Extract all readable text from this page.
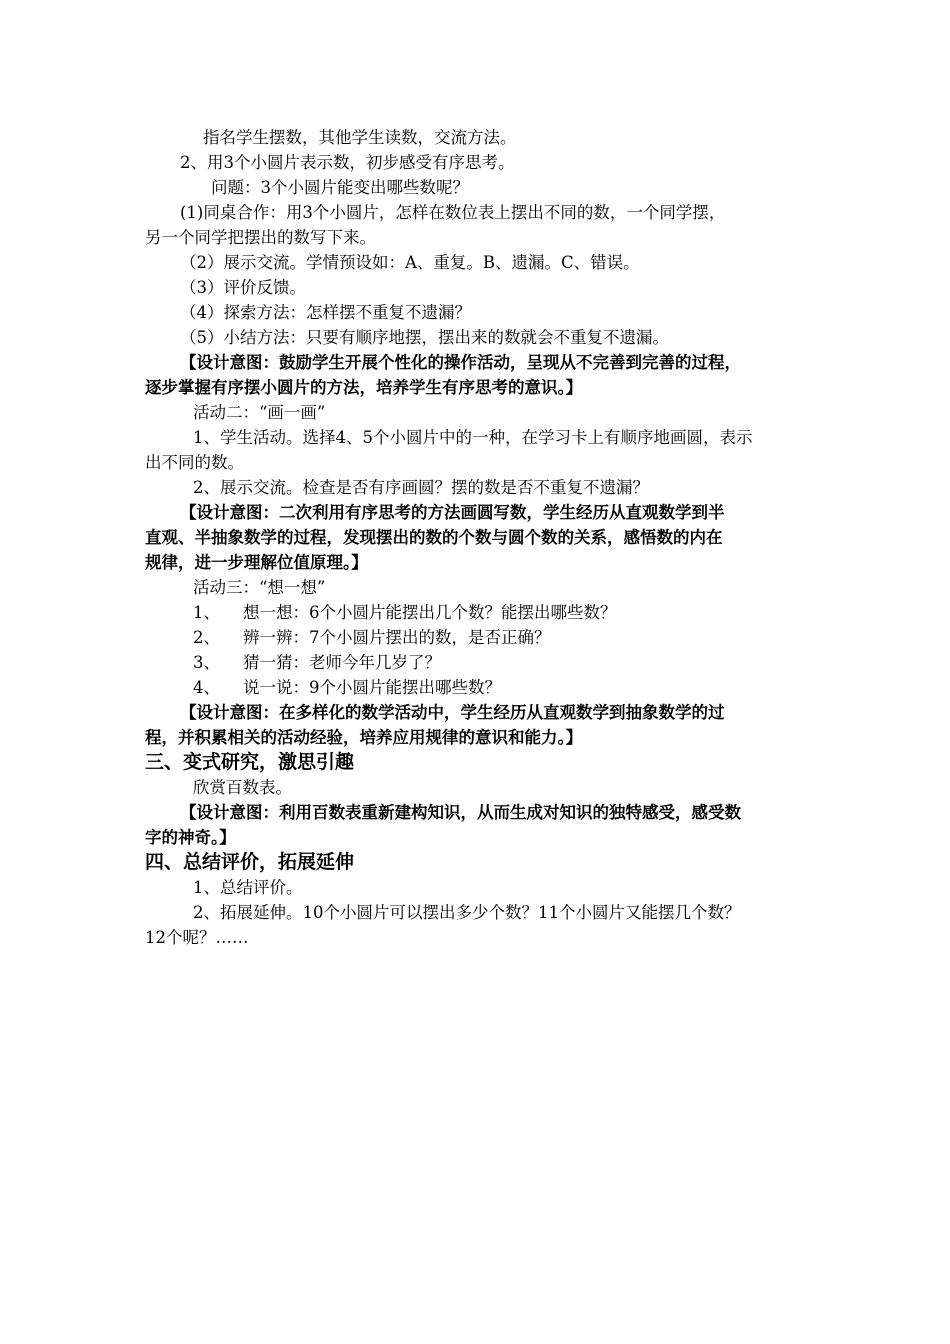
指名学生摆数，其他学生读数，交流方法。
2、用3个小圆片表示数，初步感受有序思考。
问题：3个小圆片能变出哪些数呢？
(1)同桌合作：用3个小圆片，怎样在数位表上摆出不同的数，一个同学摆，
另一个同学把摆出的数写下来。
（2）展示交流。学情预设如：A、重复。B、遗漏。C、错误。
（3）评价反馈。
（4）探索方法：怎样摆不重复不遗漏？
（5）小结方法：只要有顺序地摆，摆出来的数就会不重复不遗漏。
【设计意图：鼓励学生开展个性化的操作活动，呈现从不完善到完善的过程，
逐步掌握有序摆小圆片的方法，培养学生有序思考的意识。】
活动二：“画一画”
1、学生活动。选择4、5个小圆片中的一种，在学习卡上有顺序地画圆，表示
出不同的数。
2、展示交流。检查是否有序画圆？摆的数是否不重复不遗漏？
【设计意图：二次利用有序思考的方法画圆写数，学生经历从直观数学到半
直观、半抽象数学的过程，发现摆出的数的个数与圆个数的关系，感悟数的内在
规律，进一步理解位值原理。】
活动三：“想一想”
1、 想一想：6个小圆片能摆出几个数？能摆出哪些数？
2、 辨一辨：7个小圆片摆出的数，是否正确？
3、 猜一猜：老师今年几岁了？
4、 说一说：9个小圆片能摆出哪些数？
【设计意图：在多样化的数学活动中，学生经历从直观数学到抽象数学的过
程，并积累相关的活动经验，培养应用规律的意识和能力。】
三、变式研究，激思引趣
欣赏百数表。
【设计意图：利用百数表重新建构知识，从而生成对知识的独特感受，感受数
字的神奇。】
四、总结评价，拓展延伸
1、总结评价。
2、拓展延伸。10个小圆片可以摆出多少个数？11个小圆片又能摆几个数？
12个呢？……
